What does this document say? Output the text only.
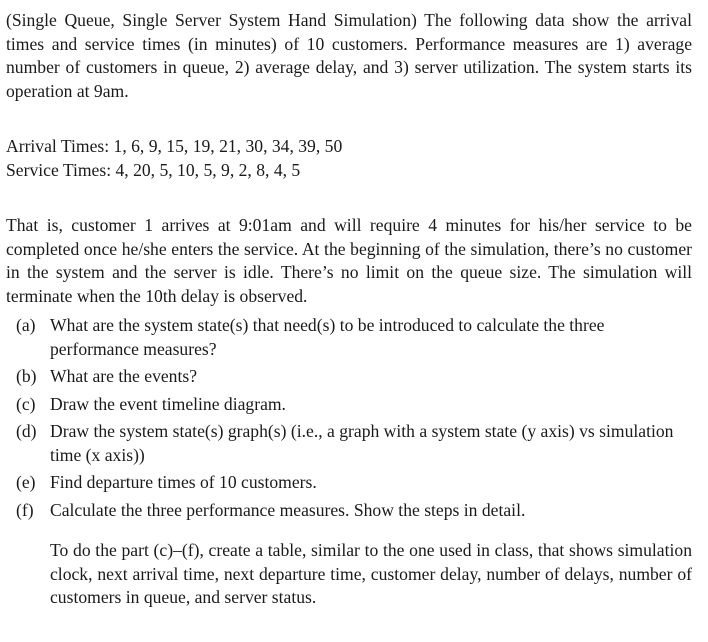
(Single Queue, Single Server System Hand Simulation) The following data show the arrival times and service times (in minutes) of 10 customers. Performance measures are 1) average number of customers in queue, 2) average delay, and 3) server utilization. The system starts its operation at 9am.

Arrival Times: 1, 6, 9, 15, 19, 21, 30, 34, 39, 50

Service Times: 4, 20, 5, 10, 5, 9, 2, 8, 4, 5

That is, customer 1 arrives at 9:01am and will require 4 minutes for his/her service to be completed once he/she enters the service. At the beginning of the simulation, there’s no customer in the system and the server is idle. There’s no limit on the queue size. The simulation will terminate when the 10th delay is observed.

(a) What are the system state(s) that need(s) to be introduced to calculate the three performance measures?
(b) What are the events?
(c) Draw the event timeline diagram.
(d) Draw the system state(s) graph(s) (i.e., a graph with a system state (y axis) vs simulation time (x axis))
(e) Find departure times of 10 customers.
(f) Calculate the three performance measures. Show the steps in detail.

To do the part (c)–(f), create a table, similar to the one used in class, that shows simulation clock, next arrival time, next departure time, customer delay, number of delays, number of customers in queue, and server status.
